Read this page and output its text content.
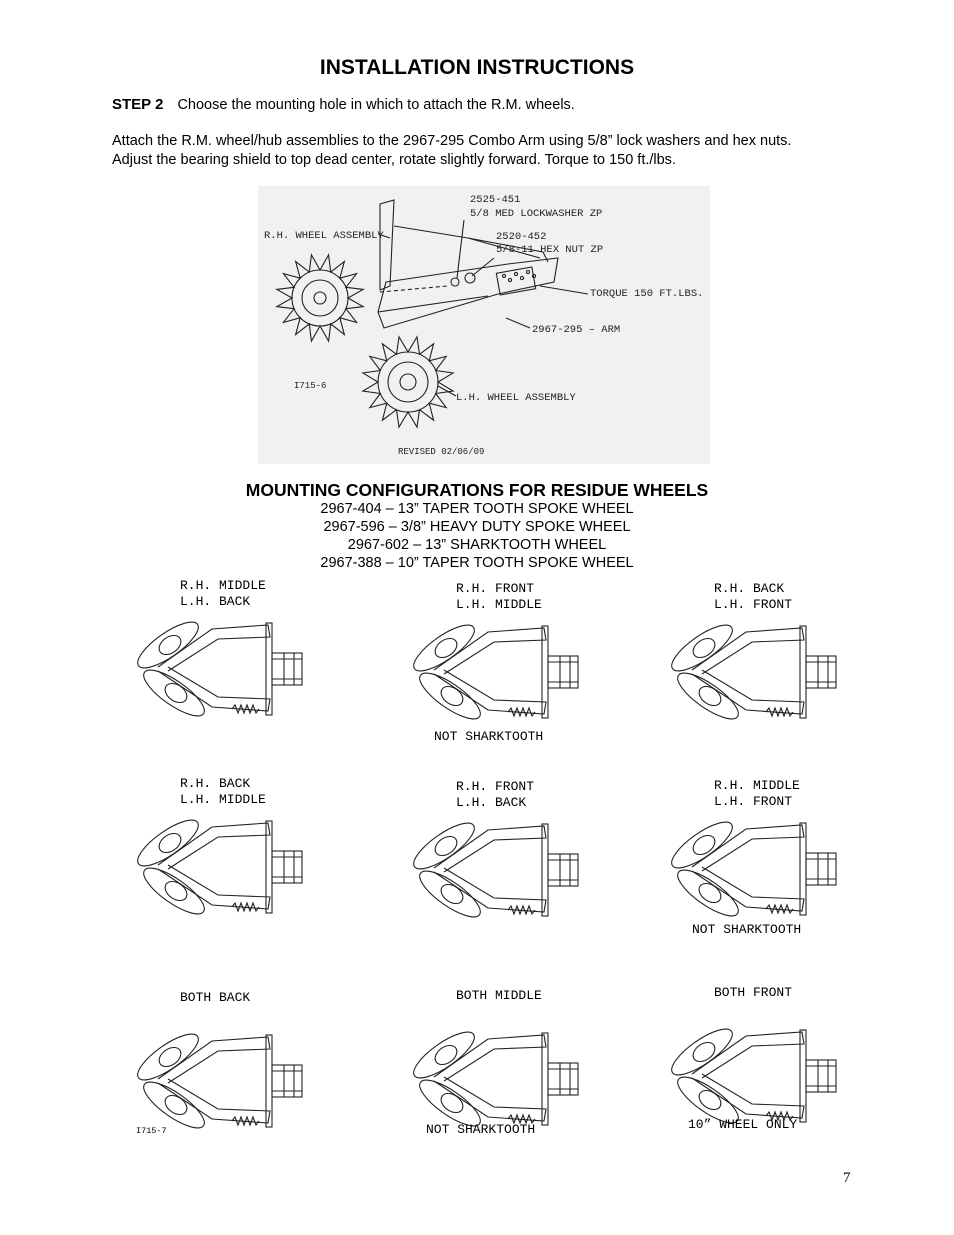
INSTALLATION INSTRUCTIONS
STEP 2 Choose the mounting hole in which to attach the R.M. wheels.
Attach the R.M. wheel/hub assemblies to the 2967-295 Combo Arm using 5/8” lock washers and hex nuts.
Adjust the bearing shield to top dead center, rotate slightly forward. Torque to 150 ft./lbs.
R.H. WHEEL ASSEMBLY
2525-451
5/8 MED LOCKWASHER ZP
2520-452
5/8-11 HEX NUT ZP
TORQUE 150 FT.LBS.
2967-295 – ARM
L.H. WHEEL ASSEMBLY
I715-6
REVISED 02/06/09
MOUNTING CONFIGURATIONS FOR RESIDUE WHEELS
2967-404 – 13” TAPER TOOTH SPOKE WHEEL
2967-596 – 3/8” HEAVY DUTY SPOKE WHEEL
2967-602 – 13” SHARKTOOTH WHEEL
2967-388 – 10” TAPER TOOTH SPOKE WHEEL
R.H. MIDDLE
L.H. BACK
R.H. FRONT
L.H. MIDDLE
NOT SHARKTOOTH
R.H. BACK
L.H. FRONT
R.H. BACK
L.H. MIDDLE
R.H. FRONT
L.H. BACK
R.H. MIDDLE
L.H. FRONT
NOT SHARKTOOTH
BOTH BACK
I715-7
BOTH MIDDLE
NOT SHARKTOOTH
BOTH FRONT
10” WHEEL ONLY
7
